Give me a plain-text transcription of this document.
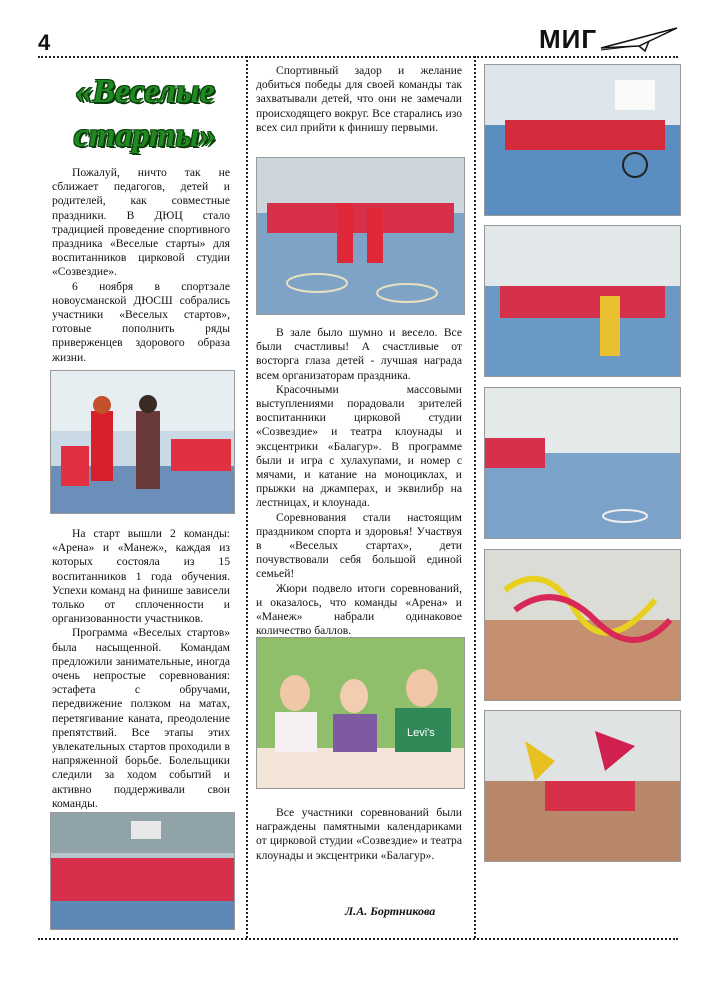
4	МИГ
«Веселые старты»

Пожалуй, ничто так не сближает педагогов, детей и родителей, как совместные праздники. В ДЮЦ стало традицией проведение спортивного праздника «Веселые старты» для воспитанников цирковой студии «Созвездие».

6 ноября в спортзале новоусманской ДЮСШ собрались участники «Веселых стартов», готовые пополнить ряды приверженцев здорового образа жизни.

На старт вышли 2 команды: «Арена» и «Манеж», каждая из которых состояла из 15 воспитанников 1 года обучения. Успехи команд на финише зависели только от сплоченности и организованности участников.

Программа «Веселых стартов» была насыщенной. Командам предложили занимательные, иногда очень непростые соревнования: эстафета с обручами, передвижение ползком на матах, перетягивание каната, преодоление препятствий. Все этапы этих увлекательных стартов проходили в напряженной борьбе. Болельщики следили за ходом событий и активно поддерживали свои команды.

Спортивный задор и желание добиться победы для своей команды так захватывали детей, что они не замечали происходящего вокруг. Все старались изо всех сил прийти к финишу первыми.

В зале было шумно и весело. Все были счастливы! А счастливые от восторга глаза детей - лучшая награда всем организаторам праздника.

Красочными массовыми выступлениями порадовали зрителей воспитанники цирковой студии «Созвездие» и театра клоунады и эксцентрики «Балагур». В программе были и игра с хулахупами, и номер с мячами, и катание на моноциклах, и прыжки на джамперах, и эквилибр на лестницах, и клоунада.

Соревнования стали настоящим праздником спорта и здоровья! Участвуя в «Веселых стартах», дети почувствовали себя большой единой семьей!

Жюри подвело итоги соревнований, и оказалось, что команды «Арена» и «Манеж» набрали одинаковое количество баллов.

Levi's

Все участники соревнований были награждены памятными календариками от цирковой студии «Созвездие» и театра клоунады и эксцентрики «Балагур».

Л.А. Бортникова
